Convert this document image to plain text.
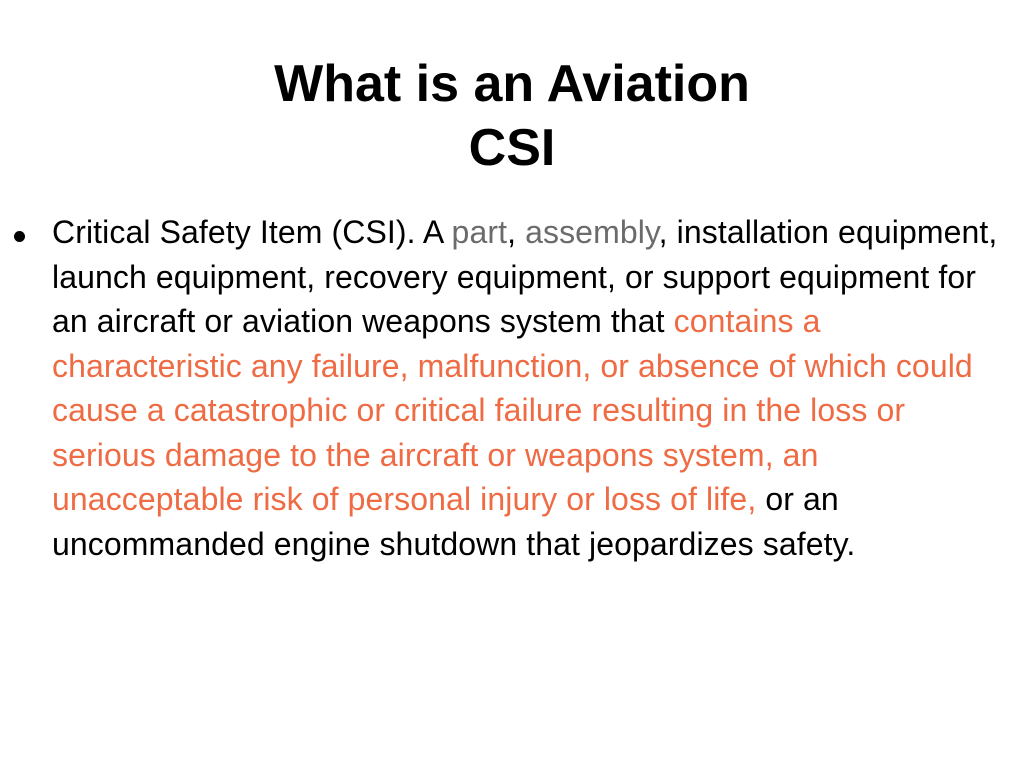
What is an Aviation
CSI
Critical Safety Item (CSI). A part, assembly, installation equipment, launch equipment, recovery equipment, or support equipment for an aircraft or aviation weapons system that contains a characteristic any failure, malfunction, or absence of which could cause a catastrophic or critical failure resulting in the loss or serious damage to the aircraft or weapons system, an unacceptable risk of personal injury or loss of life, or an uncommanded engine shutdown that jeopardizes safety.
